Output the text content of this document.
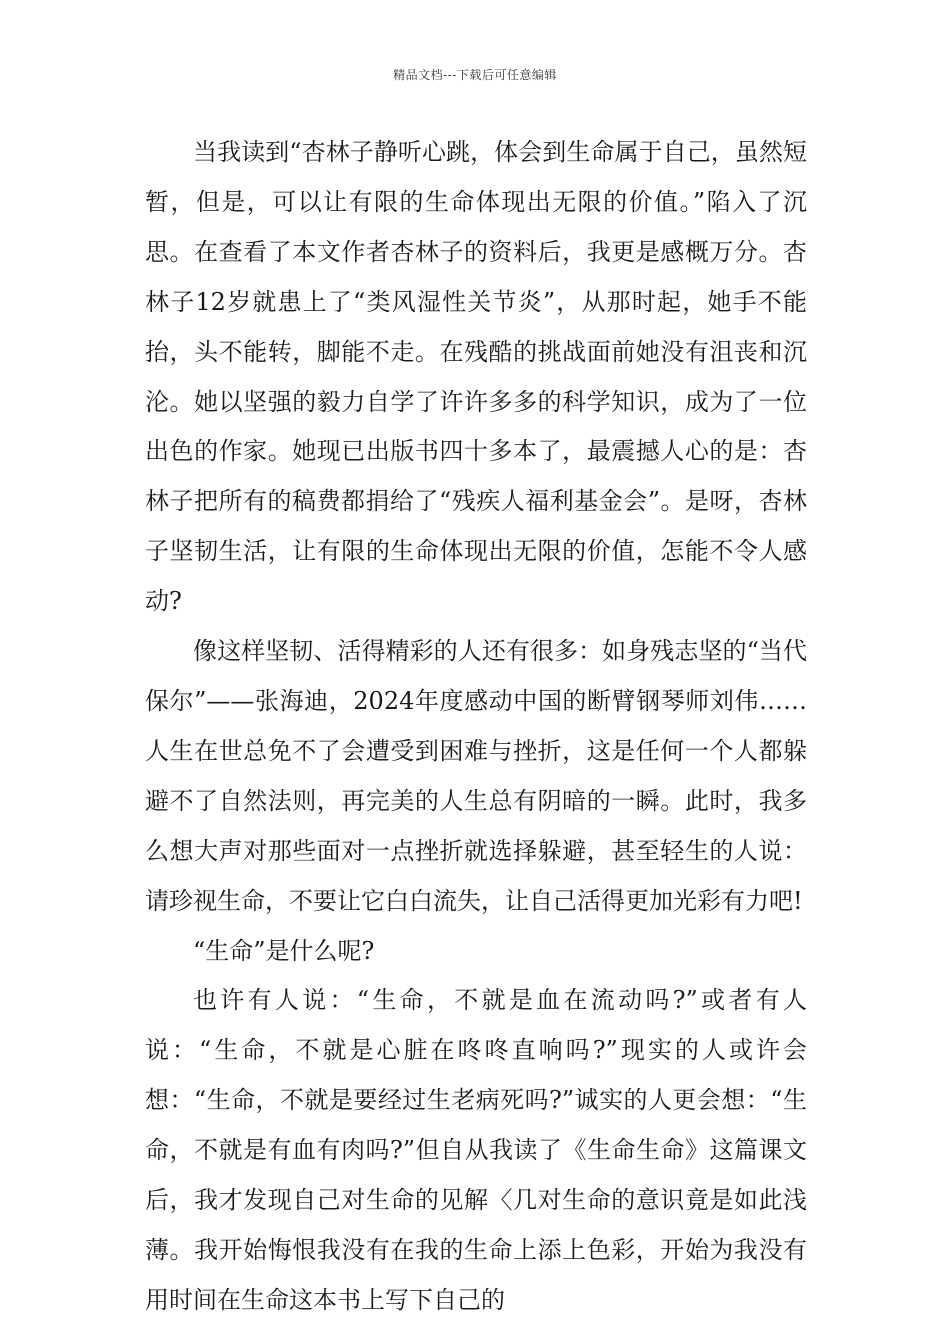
精品文档---下载后可任意编辑

当我读到“杏林子静听心跳，体会到生命属于自己，虽然短暂，但是，可以让有限的生命体现出无限的价值。”陷入了沉思。在查看了本文作者杏林子的资料后，我更是感概万分。杏林子12岁就患上了“类风湿性关节炎”，从那时起，她手不能抬，头不能转，脚能不走。在残酷的挑战面前她没有沮丧和沉沦。她以坚强的毅力自学了许许多多的科学知识，成为了一位出色的作家。她现已出版书四十多本了，最震撼人心的是：杏林子把所有的稿费都捐给了“残疾人福利基金会”。是呀，杏林子坚韧生活，让有限的生命体现出无限的价值，怎能不令人感动?

像这样坚韧、活得精彩的人还有很多：如身残志坚的“当代保尔”——张海迪，2024年度感动中国的断臂钢琴师刘伟……人生在世总免不了会遭受到困难与挫折，这是任何一个人都躲避不了自然法则，再完美的人生总有阴暗的一瞬。此时，我多么想大声对那些面对一点挫折就选择躲避，甚至轻生的人说：请珍视生命，不要让它白白流失，让自己活得更加光彩有力吧!

“生命”是什么呢?

也许有人说：“生命，不就是血在流动吗?”或者有人说：“生命，不就是心脏在咚咚直响吗?”现实的人或许会想：“生命，不就是要经过生老病死吗?”诚实的人更会想：“生命，不就是有血有肉吗?”但自从我读了《生命生命》这篇课文后，我才发现自己对生命的见解〈几对生命的意识竟是如此浅薄。我开始悔恨我没有在我的生命上添上色彩，开始为我没有用时间在生命这本书上写下自己的
